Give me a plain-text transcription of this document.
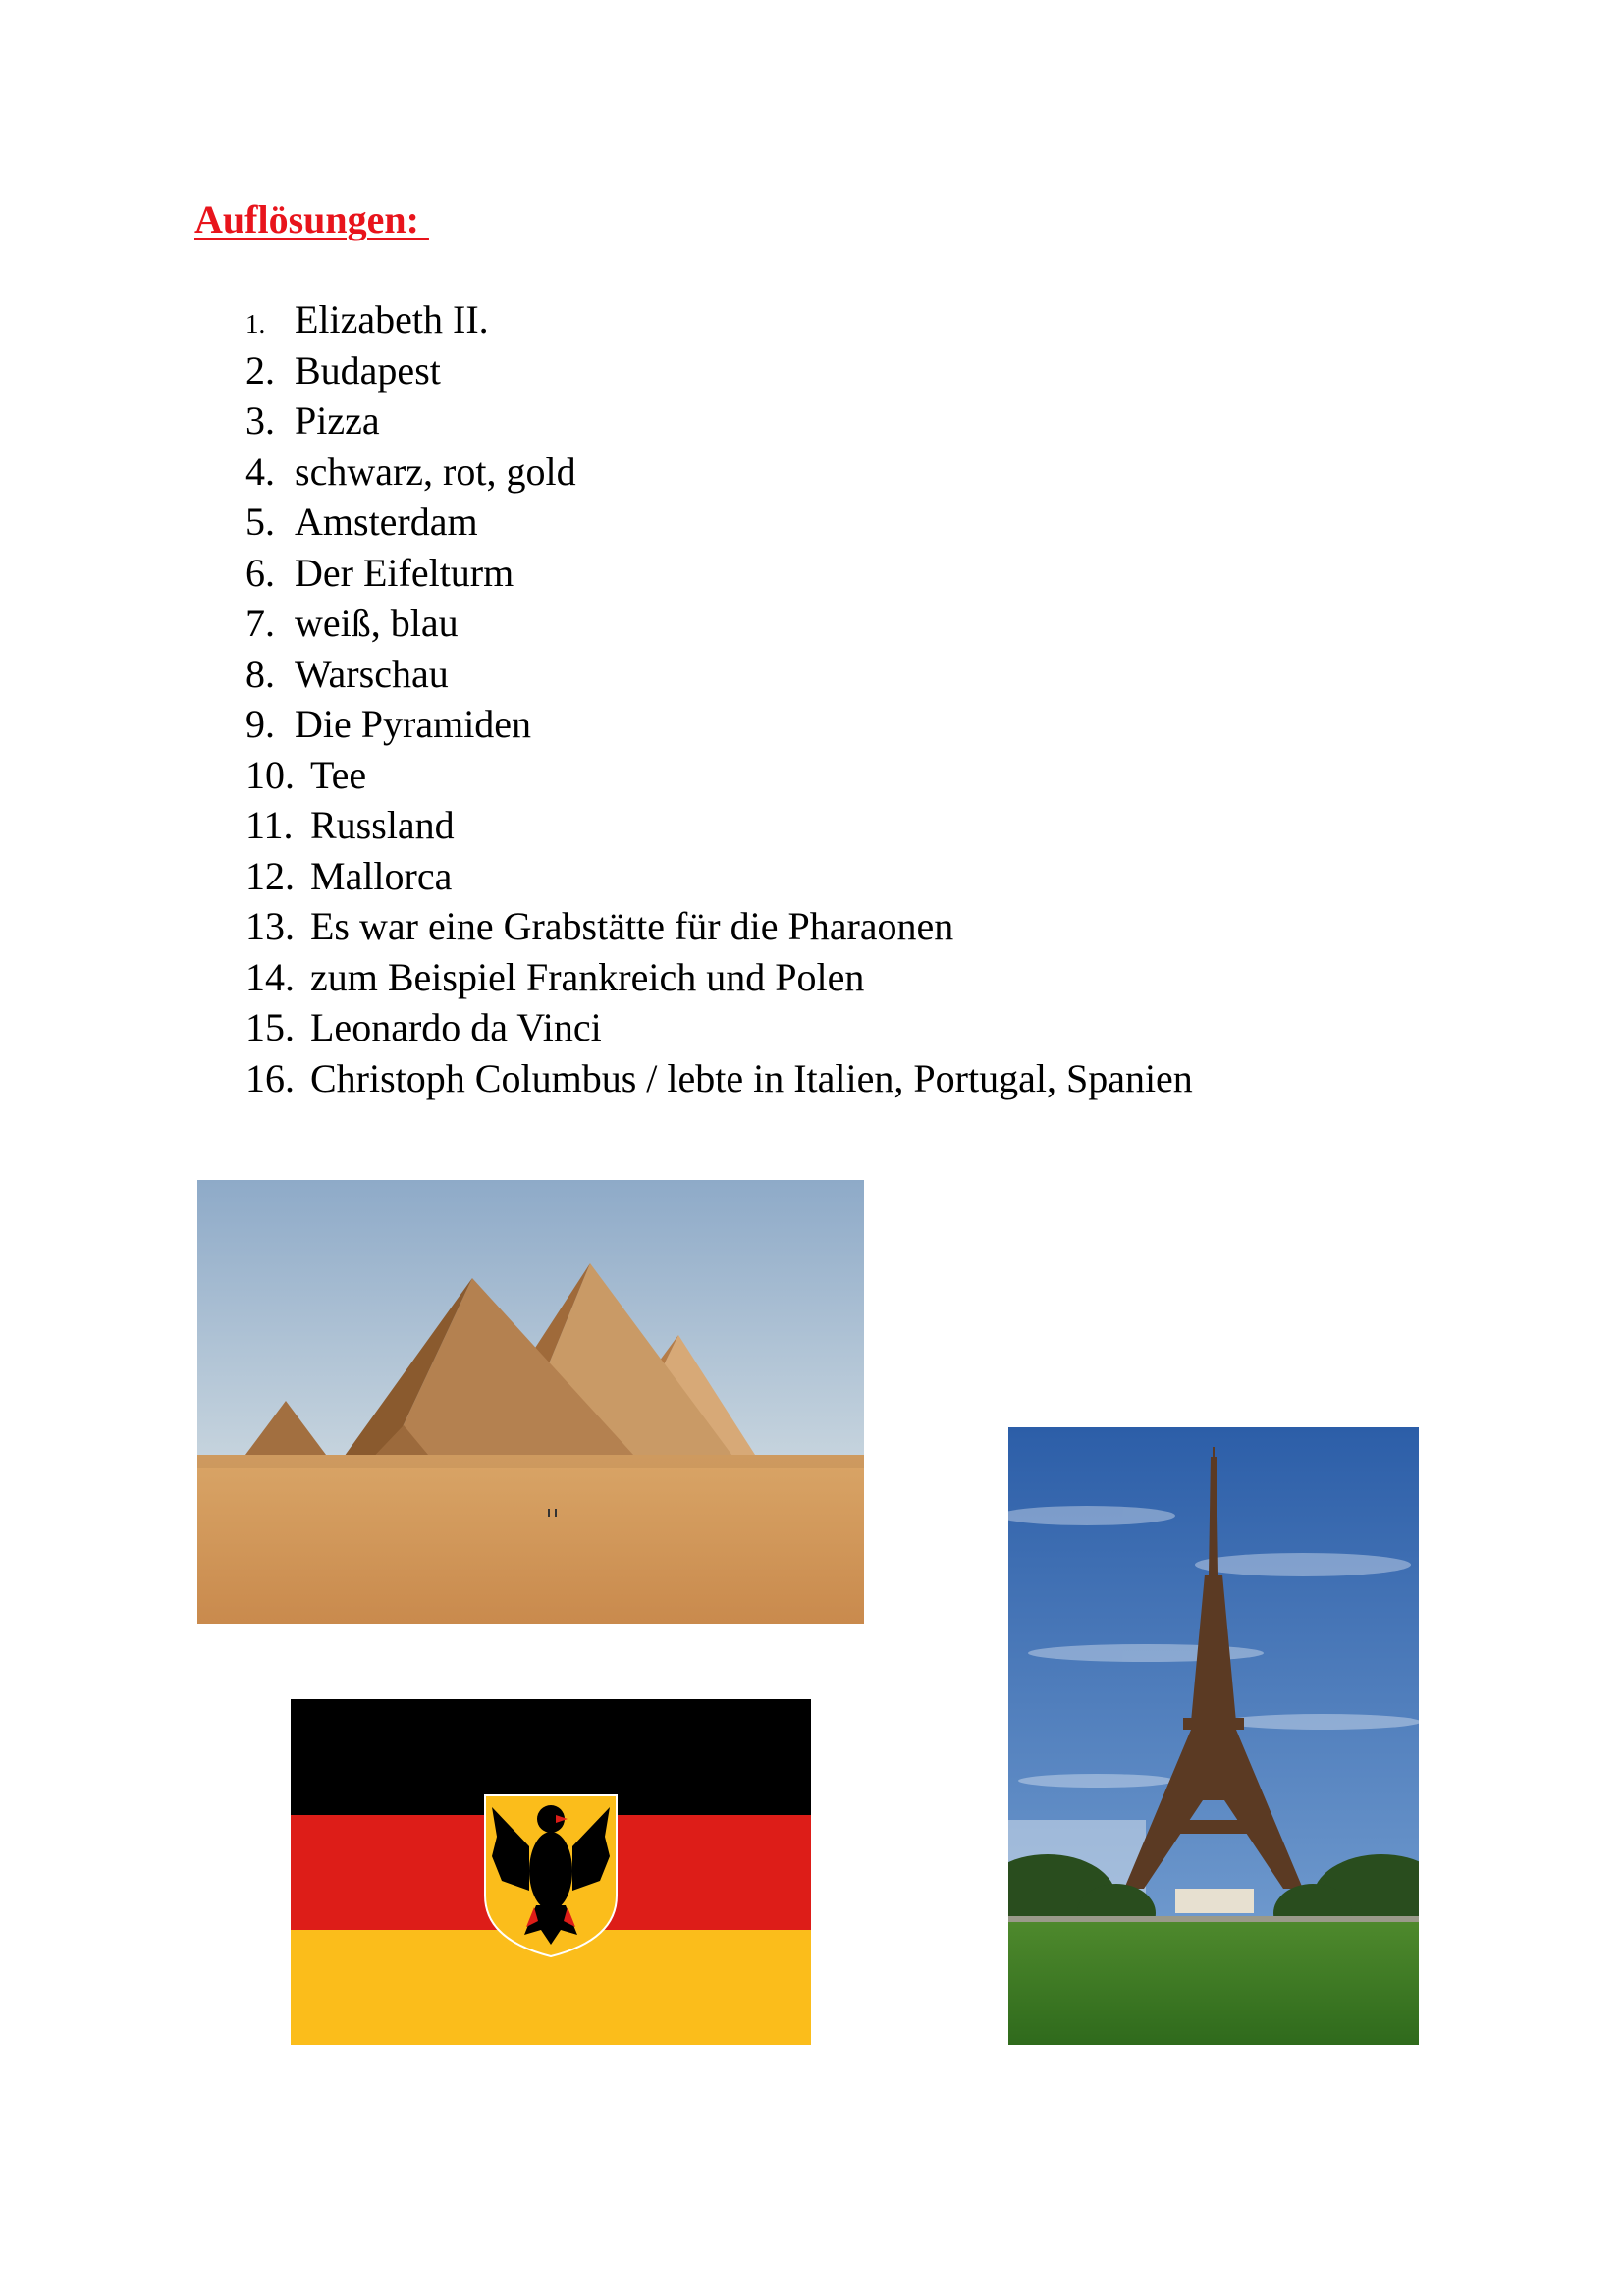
Auflösungen:

1. Elizabeth II.
2. Budapest
3. Pizza
4. schwarz, rot, gold
5. Amsterdam
6. Der Eifelturm
7. weiß, blau
8. Warschau
9. Die Pyramiden
10. Tee
11. Russland
12. Mallorca
13. Es war eine Grabstätte für die Pharaonen
14. zum Beispiel Frankreich und Polen
15. Leonardo da Vinci
16. Christoph Columbus / lebte in Italien, Portugal, Spanien
